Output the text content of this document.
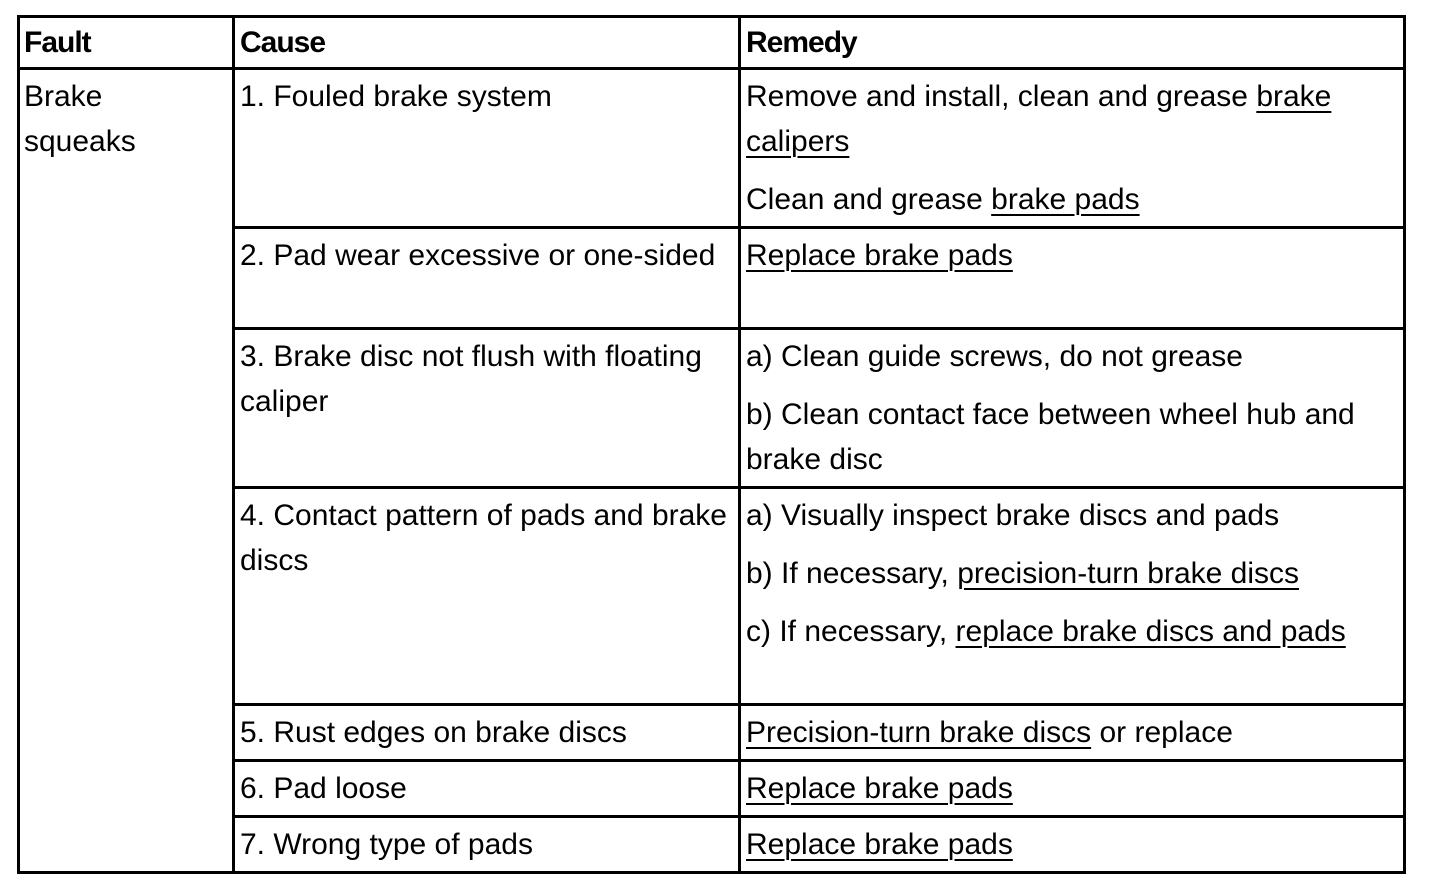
Fault	Cause	Remedy

Brake
squeaks	1. Fouled brake system	Remove and install, clean and grease brake calipers
Clean and grease brake pads

	2. Pad wear excessive or one-sided	Replace brake pads

	3. Brake disc not flush with floating caliper	a) Clean guide screws, do not grease
b) Clean contact face between wheel hub and brake disc

	4. Contact pattern of pads and brake discs	a) Visually inspect brake discs and pads
b) If necessary, precision-turn brake discs
c) If necessary, replace brake discs and pads

	5. Rust edges on brake discs	Precision-turn brake discs or replace

	6. Pad loose	Replace brake pads

	7. Wrong type of pads	Replace brake pads
